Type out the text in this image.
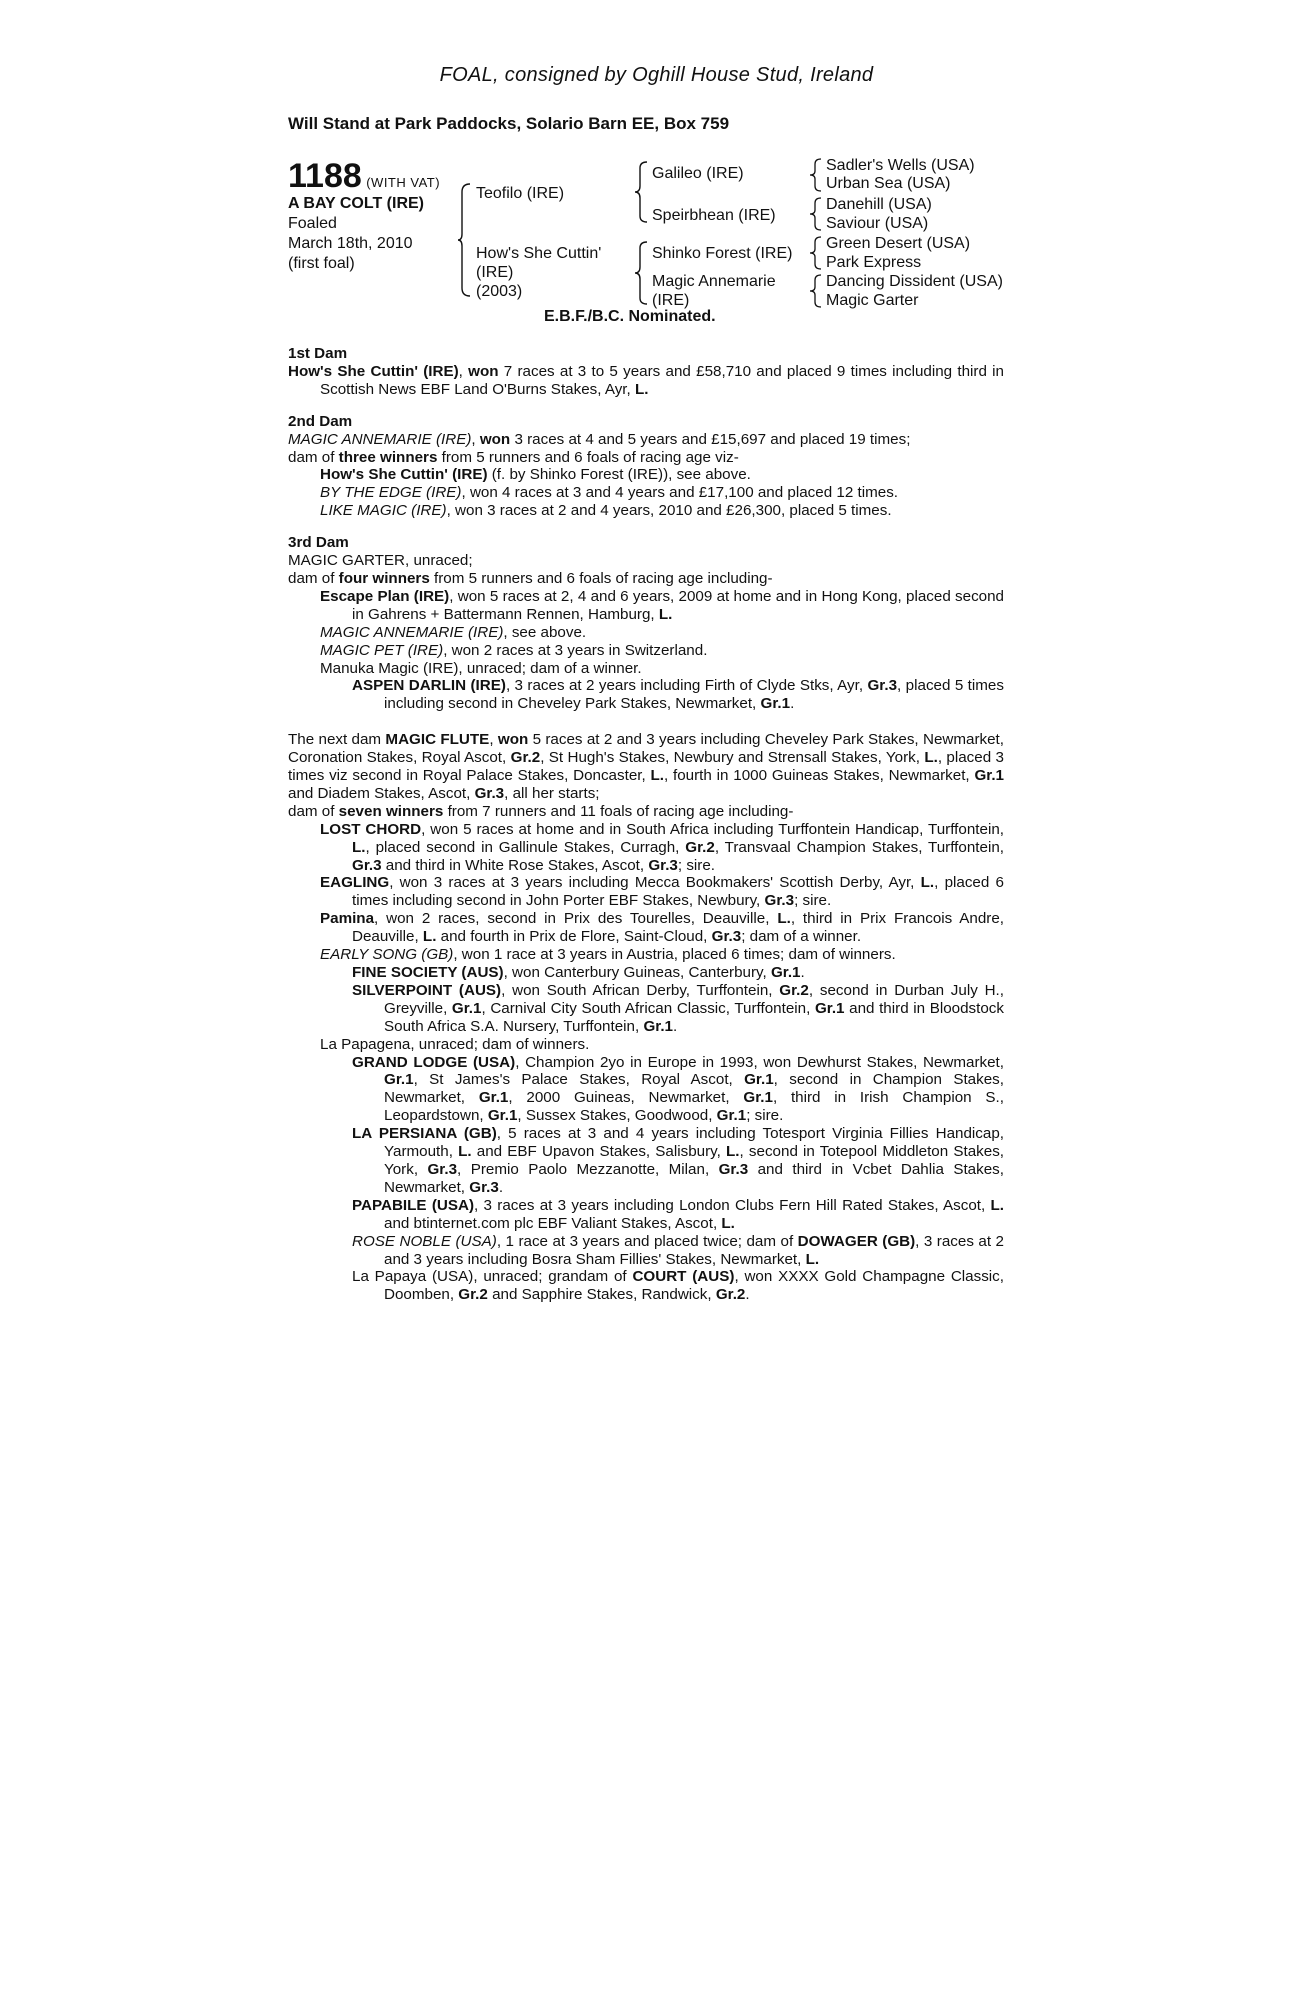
FOAL, consigned by Oghill House Stud, Ireland
Will Stand at Park Paddocks, Solario Barn EE, Box 759
1188 (WITH VAT)
A BAY COLT (IRE)
Foaled
March 18th, 2010
(first foal)
Teofilo (IRE)
How's She Cuttin'
(IRE)
(2003)
Galileo (IRE)
Speirbhean (IRE)
Shinko Forest (IRE)
Magic Annemarie
(IRE)
Sadler's Wells (USA)
Urban Sea (USA)
Danehill (USA)
Saviour (USA)
Green Desert (USA)
Park Express
Dancing Dissident (USA)
Magic Garter
E.B.F./B.C. Nominated.
1st Dam

How's She Cuttin' (IRE), won 7 races at 3 to 5 years and £58,710 and placed 9 times including third in Scottish News EBF Land O'Burns Stakes, Ayr, L.

2nd Dam

MAGIC ANNEMARIE (IRE), won 3 races at 4 and 5 years and £15,697 and placed 19 times;

dam of three winners from 5 runners and 6 foals of racing age viz-

How's She Cuttin' (IRE) (f. by Shinko Forest (IRE)), see above.

BY THE EDGE (IRE), won 4 races at 3 and 4 years and £17,100 and placed 12 times.

LIKE MAGIC (IRE), won 3 races at 2 and 4 years, 2010 and £26,300, placed 5 times.

3rd Dam

MAGIC GARTER, unraced;

dam of four winners from 5 runners and 6 foals of racing age including-

Escape Plan (IRE), won 5 races at 2, 4 and 6 years, 2009 at home and in Hong Kong, placed second in Gahrens + Battermann Rennen, Hamburg, L.

MAGIC ANNEMARIE (IRE), see above.

MAGIC PET (IRE), won 2 races at 3 years in Switzerland.

Manuka Magic (IRE), unraced; dam of a winner.

ASPEN DARLIN (IRE), 3 races at 2 years including Firth of Clyde Stks, Ayr, Gr.3, placed 5 times including second in Cheveley Park Stakes, Newmarket, Gr.1.

The next dam MAGIC FLUTE, won 5 races at 2 and 3 years including Cheveley Park Stakes, Newmarket, Coronation Stakes, Royal Ascot, Gr.2, St Hugh's Stakes, Newbury and Strensall Stakes, York, L., placed 3 times viz second in Royal Palace Stakes, Doncaster, L., fourth in 1000 Guineas Stakes, Newmarket, Gr.1 and Diadem Stakes, Ascot, Gr.3, all her starts;

dam of seven winners from 7 runners and 11 foals of racing age including-

LOST CHORD, won 5 races at home and in South Africa including Turffontein Handicap, Turffontein, L., placed second in Gallinule Stakes, Curragh, Gr.2, Transvaal Champion Stakes, Turffontein, Gr.3 and third in White Rose Stakes, Ascot, Gr.3; sire.

EAGLING, won 3 races at 3 years including Mecca Bookmakers' Scottish Derby, Ayr, L., placed 6 times including second in John Porter EBF Stakes, Newbury, Gr.3; sire.

Pamina, won 2 races, second in Prix des Tourelles, Deauville, L., third in Prix Francois Andre, Deauville, L. and fourth in Prix de Flore, Saint-Cloud, Gr.3; dam of a winner.

EARLY SONG (GB), won 1 race at 3 years in Austria, placed 6 times; dam of winners.

FINE SOCIETY (AUS), won Canterbury Guineas, Canterbury, Gr.1.

SILVERPOINT (AUS), won South African Derby, Turffontein, Gr.2, second in Durban July H., Greyville, Gr.1, Carnival City South African Classic, Turffontein, Gr.1 and third in Bloodstock South Africa S.A. Nursery, Turffontein, Gr.1.

La Papagena, unraced; dam of winners.

GRAND LODGE (USA), Champion 2yo in Europe in 1993, won Dewhurst Stakes, Newmarket, Gr.1, St James's Palace Stakes, Royal Ascot, Gr.1, second in Champion Stakes, Newmarket, Gr.1, 2000 Guineas, Newmarket, Gr.1, third in Irish Champion S., Leopardstown, Gr.1, Sussex Stakes, Goodwood, Gr.1; sire.

LA PERSIANA (GB), 5 races at 3 and 4 years including Totesport Virginia Fillies Handicap, Yarmouth, L. and EBF Upavon Stakes, Salisbury, L., second in Totepool Middleton Stakes, York, Gr.3, Premio Paolo Mezzanotte, Milan, Gr.3 and third in Vcbet Dahlia Stakes, Newmarket, Gr.3.

PAPABILE (USA), 3 races at 3 years including London Clubs Fern Hill Rated Stakes, Ascot, L. and btinternet.com plc EBF Valiant Stakes, Ascot, L.

ROSE NOBLE (USA), 1 race at 3 years and placed twice; dam of DOWAGER (GB), 3 races at 2 and 3 years including Bosra Sham Fillies' Stakes, Newmarket, L.

La Papaya (USA), unraced; grandam of COURT (AUS), won XXXX Gold Champagne Classic, Doomben, Gr.2 and Sapphire Stakes, Randwick, Gr.2.
